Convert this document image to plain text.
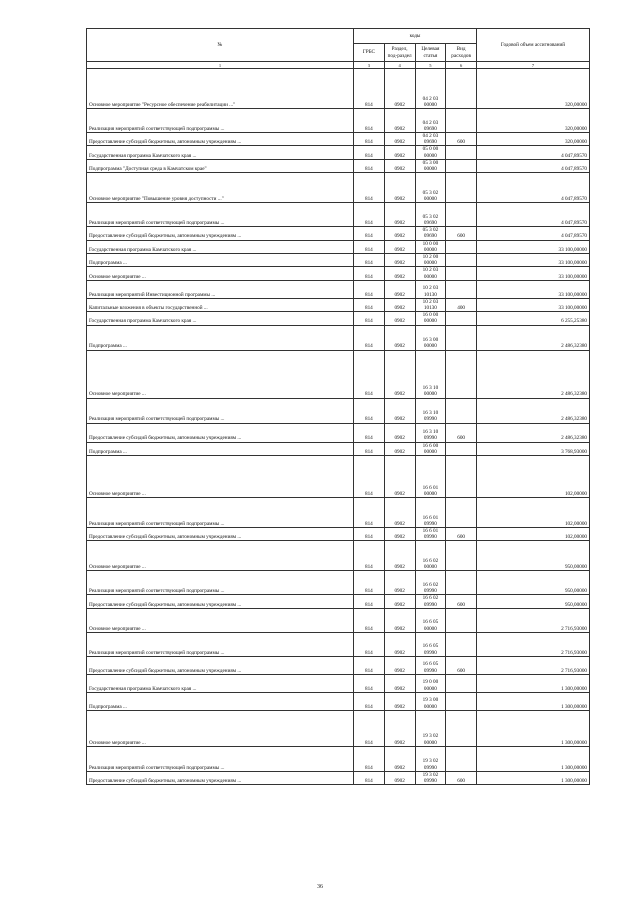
№	коды				Годовой объем ассигнований
	ГРБС	Раздел, под-раздел	Целевая статья	Вид расходов	
1	3	4	5	6	7
Основное мероприятие "Ресурсное обеспечение реабилитации ..."	814	0902	04 2 03 00000		320,00000
Реализация мероприятий соответствующей подпрограммы ...	814	0902	04 2 03 09690		320,00000
Предоставление субсидий бюджетным, автономным учреждениям ...	814	0902	04 2 03 09690	600	320,00000
Государственная программа Камчатского края ...	814	0902	05 0 00 00000		4 047,89570
Подпрограмма "Доступная среда в Камчатском крае"	814	0902	05 3 00 00000		4 047,89570
Основное мероприятие "Повышение уровня доступности ..."	814	0902	05 3 02 00000		4 047,89570
Реализация мероприятий соответствующей подпрограммы ...	814	0902	05 3 02 09690		4 047,89570
Предоставление субсидий бюджетным, автономным учреждениям ...	814	0902	05 3 02 09690	600	4 047,89570
Государственная программа Камчатского края ...	814	0902	10 0 00 00000		33 100,00000
Подпрограмма ...	814	0902	10 2 00 00000		33 100,00000
Основное мероприятие ...	814	0902	10 2 03 00000		33 100,00000
Реализация мероприятий Инвестиционной программы ...	814	0902	10 2 03 10130		33 100,00000
Капитальные вложения в объекты государственной ...	814	0902	10 2 03 10130	400	33 100,00000
Государственная программа Камчатского края ...	814	0902	16 0 00 00000		6 255,25380
Подпрограмма ...	814	0902	16 3 00 00000		2 486,32380
Основное мероприятие ...	814	0902	16 3 10 00000		2 486,32380
Реализация мероприятий соответствующей подпрограммы ...	814	0902	16 3 10 09990		2 486,32380
Предоставление субсидий бюджетным, автономным учреждениям ...	814	0902	16 3 10 09990	600	2 486,32380
Подпрограмма ...	814	0902	16 6 00 00000		3 768,93000
Основное мероприятие ...	814	0902	16 6 01 00000		102,00000
Реализация мероприятий соответствующей подпрограммы ...	814	0902	16 6 01 09990		102,00000
Предоставление субсидий бюджетным, автономным учреждениям ...	814	0902	16 6 01 09990	600	102,00000
Основное мероприятие ...	814	0902	16 6 02 00000		950,00000
Реализация мероприятий соответствующей подпрограммы ...	814	0902	16 6 02 09990		950,00000
Предоставление субсидий бюджетным, автономным учреждениям ...	814	0902	16 6 02 09990	600	950,00000
Основное мероприятие ...	814	0902	16 6 05 00000		2 716,93000
Реализация мероприятий соответствующей подпрограммы ...	814	0902	16 6 05 09990		2 716,93000
Предоставление субсидий бюджетным, автономным учреждениям ...	814	0902	16 6 05 09990	600	2 716,93000
Государственная программа Камчатского края ...	814	0902	19 0 00 00000		1 300,00000
Подпрограмма ...	814	0902	19 3 00 00000		1 300,00000
Основное мероприятие ...	814	0902	19 3 02 00000		1 300,00000
Реализация мероприятий соответствующей подпрограммы ...	814	0902	19 3 02 09990		1 300,00000
Предоставление субсидий бюджетным, автономным учреждениям ...	814	0902	19 3 02 09990	600	1 300,00000
36
